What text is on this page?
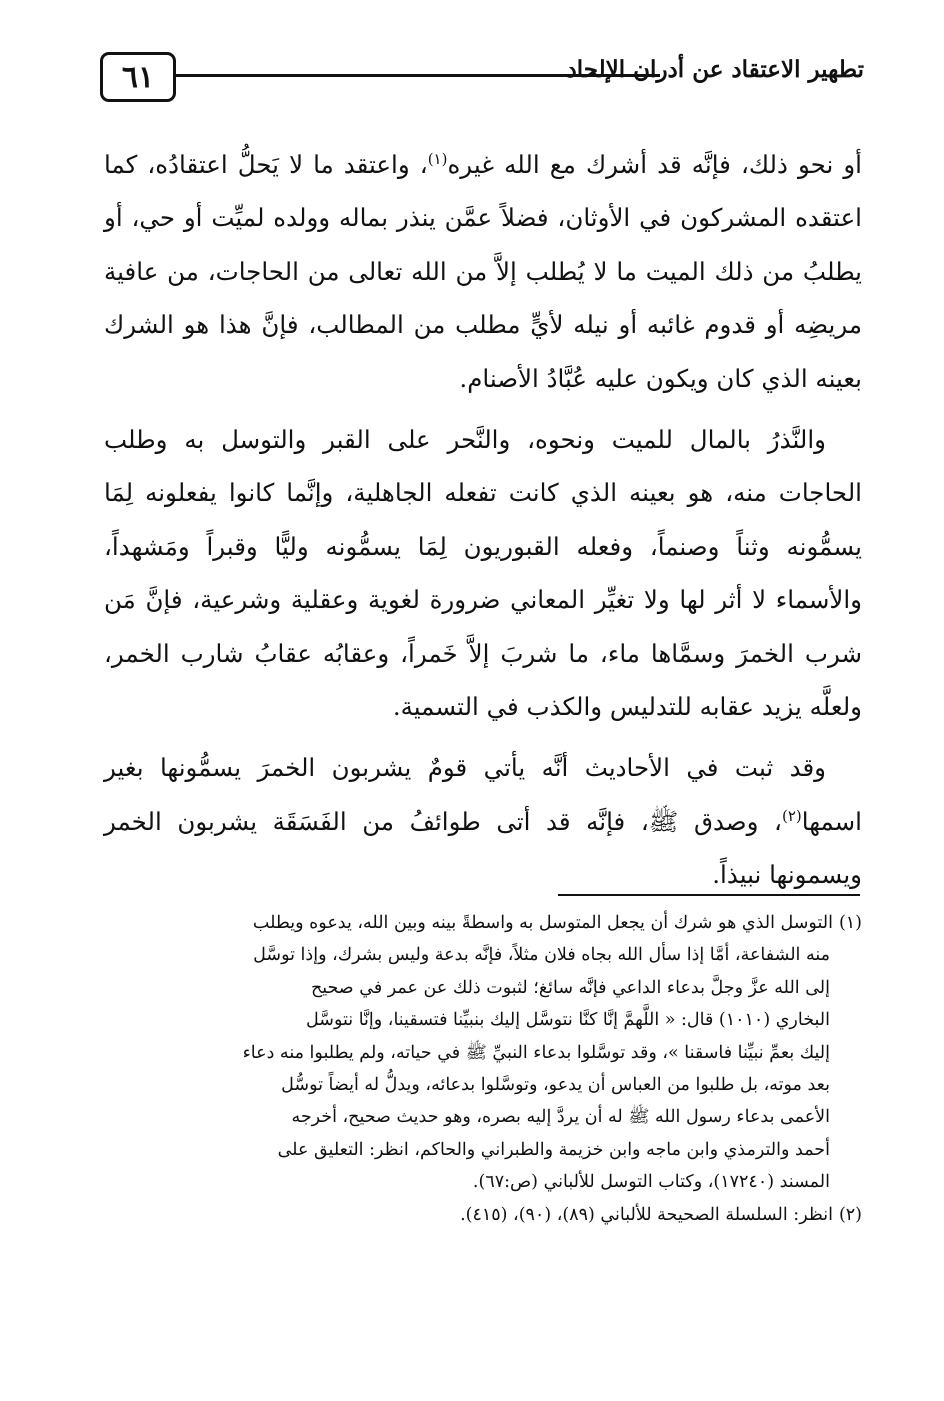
٦١	تطهير الاعتقاد عن أدران الإلحاد

أو نحو ذلك، فإنَّه قد أشرك مع الله غيره$^{(١)}$، واعتقد ما لا يَحلُّ اعتقادُه، كما اعتقده المشركون في الأوثان، فضلاً عمَّن ينذر بماله وولده لميِّت أو حي، أو يطلبُ من ذلك الميت ما لا يُطلب إلاَّ من الله تعالى من الحاجات، من عافية مريضِه أو قدوم غائبه أو نيله لأيٍّ مطلب من المطالب، فإنَّ هذا هو الشرك بعينه الذي كان ويكون عليه عُبَّادُ الأصنام.

والنَّذرُ بالمال للميت ونحوه، والنَّحر على القبر والتوسل به وطلب الحاجات منه، هو بعينه الذي كانت تفعله الجاهلية، وإنَّما كانوا يفعلونه لِمَا يسمُّونه وثناً وصنماً، وفعله القبوريون لِمَا يسمُّونه وليًّا وقبراً ومَشهداً، والأسماء لا أثر لها ولا تغيِّر المعاني ضرورة لغوية وعقلية وشرعية، فإنَّ مَن شرب الخمرَ وسمَّاها ماء، ما شربَ إلاَّ خَمراً، وعقابُه عقابُ شارب الخمر، ولعلَّه يزيد عقابه للتدليس والكذب في التسمية.

وقد ثبت في الأحاديث أنَّه يأتي قومٌ يشربون الخمرَ يسمُّونها بغير اسمها$^{(٢)}$، وصدق ﷺ، فإنَّه قد أتى طوائفُ من الفَسَقَة يشربون الخمر ويسمونها نبيذاً.

(١)التوسل الذي هو شرك أن يجعل المتوسل به واسطةً بينه وبين الله، يدعوه ويطلب

منه الشفاعة، أمَّا إذا سأل الله بجاه فلان مثلاً، فإنَّه بدعة وليس بشرك، وإذا توسَّل

إلى الله عزَّ وجلَّ بدعاء الداعي فإنَّه سائغ؛ لثبوت ذلك عن عمر في صحيح

البخاري (١٠١٠) قال: « اللَّهمَّ إنَّا كنَّا نتوسَّل إليك بنبيِّنا فتسقينا، وإنَّا نتوسَّل

إليك بعمِّ نبيِّنا فاسقنا »، وقد توسَّلوا بدعاء النبيِّ ﷺ في حياته، ولم يطلبوا منه دعاء

بعد موته، بل طلبوا من العباس أن يدعو، وتوسَّلوا بدعائه، ويدلُّ له أيضاً توسُّل

الأعمى بدعاء رسول الله ﷺ له أن يردَّ إليه بصره، وهو حديث صحيح، أخرجه

أحمد والترمذي وابن ماجه وابن خزيمة والطبراني والحاكم، انظر: التعليق على

المسند (١٧٢٤٠)، وكتاب التوسل للألباني (ص:٦٧).

(٢)انظر: السلسلة الصحيحة للألباني (٨٩)، (٩٠)، (٤١٥).
